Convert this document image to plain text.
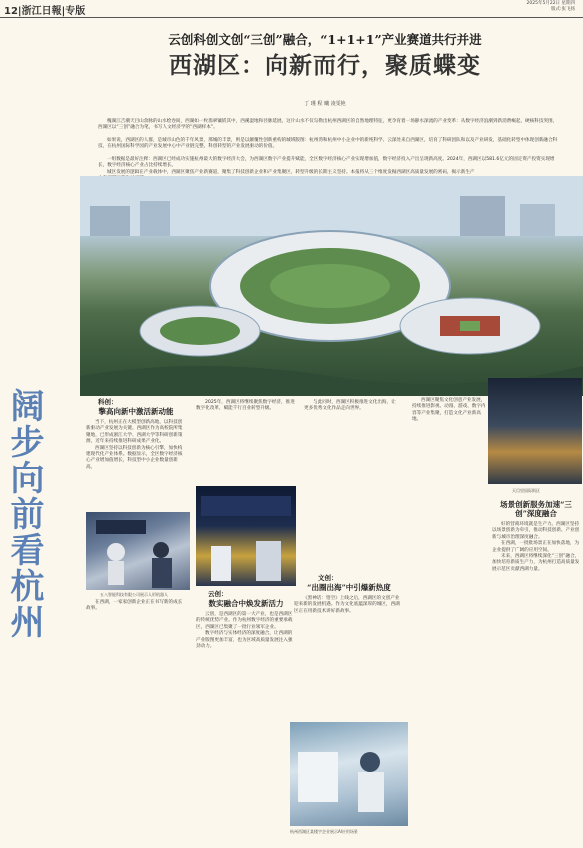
12|浙江日報|专版
2025年5月22日 星期四
版式:张飞扬
阔步向前看杭州
云创科创文创“三创”融合，“1+1+1”产业赛道共行并进
西湖区：向新而行，聚质蝶变
丁 瑾 程 曦 凌雯艳
槐湖江吉潮天目山余脉的山水绘卷间，西湖如一枚翡翠镶嵌其中，西溪湿地和径脉延展。这片山水不仅勾勒出杭州西湖区的自然地理特征，更孕育着一场静水深流的产业变革：从数字经济浪潮到新消费崛起，硬核科技突围，西湖区以“三创”融合为笔，书写人文经济学的“西湖样本”。
如果说，西湖区的人群，是城市山色的千年风景，那城的丰景，则是以颠覆性创新重构的城域版图：杭州湾和杭州中小企业中的新纯科学、云深处来自西湖区，培育了科研团队和以及产业研发，基础化转型中体现创新融合科技，在杭州国际科学园的产业发展中心中产业链完整，科创转型的产业发展驱动的价值。
一组数据是最好注释：西湖区已经成功实施杭州最大的数字经济大会，为西湖区数字产业提升赋能，全区数字经济核心产业实现增加值，数字经济投入产出呈现新高度。2024年，西湖区以581.6亿元的固定资产投资实现增长，数字经济核心产业占比持续增长。
城区发展的逻辑在产业载体中，西湖区聚焦产业新赛道，聚集了科技创新企业和产业集聚区，转型升级的长期主义坚持。本报将从三个维度发掘西湖区高质量发展的密码，揭示新生产
科创：
擎高向新中激活新动能
当下，杭州正在大模型创新高地，以科技创新驱动产业发展为关键。西湖区作为高校院所集聚地，已形成浙江大学、西湖大学等科研创新策源，近年来持续推进科研成果产业化。
西湖区坚持以科技创新为核心引擎，加快构建现代化产业体系。数据显示，全区数字经济核心产业增加值增长，科技型中小企业数量创新高。
五八智能科技有限公司展示人形机器人
在西湖，一家家创新企业正在书写新的成长故事。
2025年，西湖区将继续聚焦数字经济，推进数字化改革，赋能千行百业转型升级。
云创：
数实融合中焕发新活力
云创，是西湖区的第一大产业，也是西湖区的传统优势产业。作为杭州数字经济的重要承载区，西湖区已集聚了一批行业领军企业。
数字经济与实体经济的深度融合，让西湖的产业版图更加丰富，也为区域高质量发展注入强劲动力。
与此同时，西湖区积极推进文化出海，让更多优秀文化作品走向世界。
文创：
“出圈出海”中引爆新热度
《黑神话：悟空》上线之后，西湖区的文创产业迎来新的发展机遇。作为文化底蕴深厚的城区，西湖区正在用新技术讲好新故事。
杭州西湖区某楼宇企业展示AI应用场景
西湖区聚焦文化创意产业发展，持续推进影视、动漫、游戏、数字内容等产业集聚，打造文化产业新高地。
天目里国际街区
场景创新服务加速“三创”深度融合
好的营商环境就是生产力。西湖区坚持以场景创新为牵引，推动科技创新、产业创新与城市治理深度融合。
在西湖，一批批场景正在加快落地，为企业提供了广阔的应用空间。
未来，西湖区将继续深化“三创”融合，加快培育新质生产力，为杭州打造高质量发展示范区贡献西湖力量。
